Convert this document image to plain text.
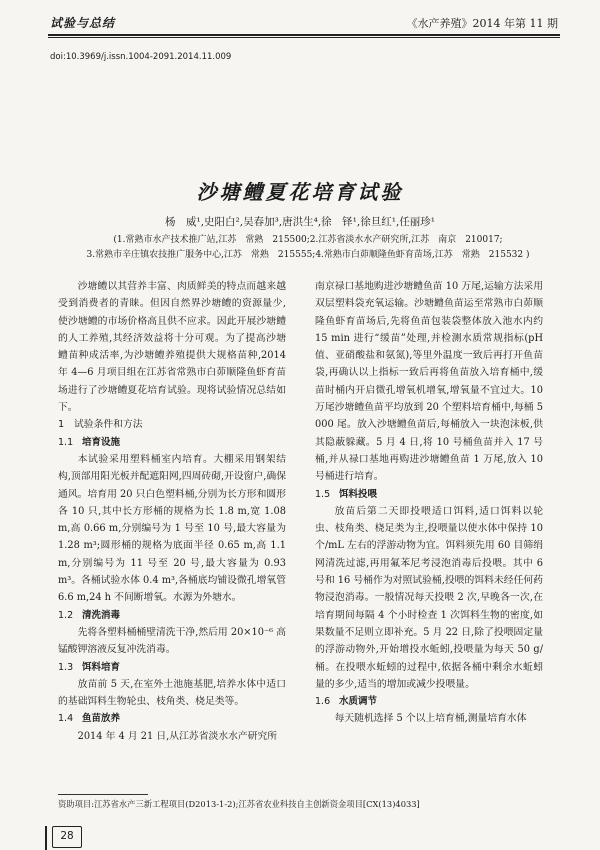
试验与总结	《水产养殖》2014 年第 11 期
doi:10.3969/j.issn.1004-2091.2014.11.009
沙塘鳢夏花培育试验
杨　威¹,史阳白²,吴春加³,唐洪生⁴,徐　铎¹,徐旦红¹,任丽珍¹
(1.常熟市水产技术推广站,江苏　常熟　215500;2.江苏省淡水水产研究所,江苏　南京　210017;
3.常熟市辛庄镇农技推广服务中心,江苏　常熟　215555;4.常熟市白茆顺隆鱼虾育苗场,江苏　常熟　215532 )

沙塘鳢以其营养丰富、肉质鲜美的特点而越来越受到消费者的青睐。但因自然界沙塘鳢的资源量少,使沙塘鳢的市场价格高且供不应求。因此开展沙塘鳢的人工养殖,其经济效益将十分可观。为了提高沙塘鳢苗种成活率,为沙塘鳢养殖提供大规格苗种,2014 年 4—6 月项目组在江苏省常熟市白茆顺隆鱼虾育苗场进行了沙塘鳢夏花培育试验。现将试验情况总结如下。

1 试验条件和方法
1.1 培育设施

本试验采用塑料桶室内培育。大棚采用钢架结构,顶部用阳光板并配遮阳网,四周砖砌,开设窗户,确保通风。培育用 20 只白色塑料桶,分别为长方形和圆形各 10 只,其中长方形桶的规格为长 1.8 m,宽 1.08 m,高 0.66 m,分别编号为 1 号至 10 号,最大容量为 1.28 m³;圆形桶的规格为底面半径 0.65 m,高 1.1 m,分别编号为 11 号至 20 号,最大容量为 0.93 m³。各桶试验水体 0.4 m³,各桶底均铺设微孔增氧管 6.6 m,24 h 不间断增氧。水源为外塘水。

1.2 清洗消毒

先将各塑料桶桶壁清洗干净,然后用 20×10⁻⁶ 高锰酸钾溶液反复冲洗消毒。

1.3 饵料培育

放苗前 5 天,在室外土池施基肥,培养水体中适口的基础饵料生物轮虫、枝角类、桡足类等。

1.4 鱼苗放养

2014 年 4 月 21 日,从江苏省淡水水产研究所

南京禄口基地购进沙塘鳢鱼苗 10 万尾,运输方法采用双层塑料袋充氧运输。沙塘鳢鱼苗运至常熟市白茆顺隆鱼虾育苗场后,先将鱼苗包装袋整体放入池水内约 15 min 进行“缓苗”处理,并检测水质常规指标(pH 值、亚硝酸盐和氨氮),等里外温度一致后再打开鱼苗袋,再确认以上指标一致后再将鱼苗放入培育桶中,缓苗时桶内开启微孔增氧机增氧,增氧量不宜过大。10 万尾沙塘鳢鱼苗平均放到 20 个塑料培育桶中,每桶 5 000 尾。放入沙塘鳢鱼苗后,每桶放入一块泡沫板,供其隐蔽躲藏。5 月 4 日,将 10 号桶鱼苗并入 17 号桶,并从禄口基地再购进沙塘鳢鱼苗 1 万尾,放入 10 号桶进行培育。

1.5 饵料投喂

放苗后第二天即投喂适口饵料,适口饵料以轮虫、枝角类、桡足类为主,投喂量以使水体中保持 10 个/mL 左右的浮游动物为宜。饵料须先用 60 目筛绢网清洗过滤,再用氟苯尼考浸泡消毒后投喂。其中 6 号和 16 号桶作为对照试验桶,投喂的饵料未经任何药物浸泡消毒。一般情况每天投喂 2 次,早晚各一次,在培育期间每隔 4 个小时检查 1 次饵料生物的密度,如果数量不足则立即补充。5 月 22 日,除了投喂固定量的浮游动物外,开始增投水蚯蚓,投喂量为每天 50 g/桶。在投喂水蚯蚓的过程中,依据各桶中剩余水蚯蚓量的多少,适当的增加或减少投喂量。

1.6 水质调节

每天随机选择 5 个以上培育桶,测量培育水体

资助项目:江苏省水产三新工程项目(D2013-1-2);江苏省农业科技自主创新资金项目[CX(13)4033]
28
